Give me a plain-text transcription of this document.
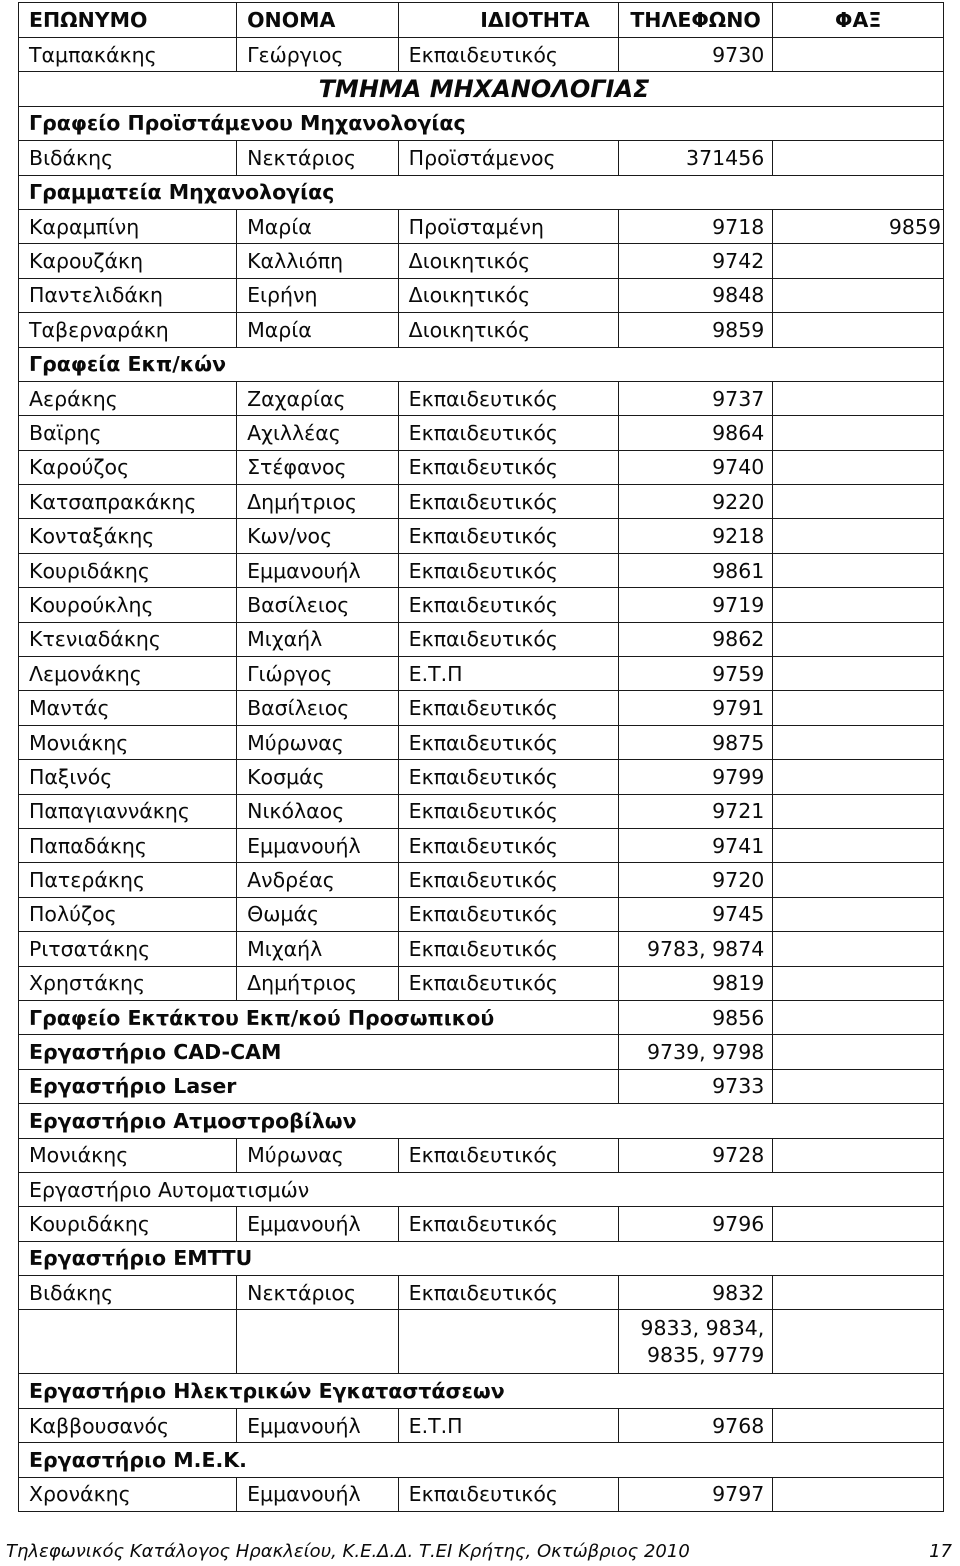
ΕΠΩΝΥΜΟ	ΟΝΟΜΑ	ΙΔΙΟΤΗΤΑ	ΤΗΛΕΦΩΝΟ	ΦΑΞ
Ταμπακάκης	Γεώργιος	Εκπαιδευτικός	9730	
ΤΜΗΜΑ ΜΗΧΑΝΟΛΟΓΙΑΣ				
Γραφείο Προϊστάμενου Μηχανολογίας				
Βιδάκης	Νεκτάριος	Προϊστάμενος	371456	
Γραμματεία Μηχανολογίας				
Καραμπίνη	Μαρία	Προϊσταμένη	9718	9859
Καρουζάκη	Καλλιόπη	Διοικητικός	9742	
Παντελιδάκη	Ειρήνη	Διοικητικός	9848	
Ταβερναράκη	Μαρία	Διοικητικός	9859	
Γραφεία Εκπ/κών				
Αεράκης	Ζαχαρίας	Εκπαιδευτικός	9737	
Βαϊρης	Αχιλλέας	Εκπαιδευτικός	9864	
Καρούζος	Στέφανος	Εκπαιδευτικός	9740	
Κατσαπρακάκης	Δημήτριος	Εκπαιδευτικός	9220	
Κονταξάκης	Κων/νος	Εκπαιδευτικός	9218	
Κουριδάκης	Εμμανουήλ	Εκπαιδευτικός	9861	
Κουρούκλης	Βασίλειος	Εκπαιδευτικός	9719	
Κτενιαδάκης	Μιχαήλ	Εκπαιδευτικός	9862	
Λεμονάκης	Γιώργος	Ε.Τ.Π	9759	
Μαντάς	Βασίλειος	Εκπαιδευτικός	9791	
Μονιάκης	Μύρωνας	Εκπαιδευτικός	9875	
Παξινός	Κοσμάς	Εκπαιδευτικός	9799	
Παπαγιαννάκης	Νικόλαος	Εκπαιδευτικός	9721	
Παπαδάκης	Εμμανουήλ	Εκπαιδευτικός	9741	
Πατεράκης	Ανδρέας	Εκπαιδευτικός	9720	
Πολύζος	Θωμάς	Εκπαιδευτικός	9745	
Ριτσατάκης	Μιχαήλ	Εκπαιδευτικός	9783, 9874	
Χρηστάκης	Δημήτριος	Εκπαιδευτικός	9819	
Γραφείο Εκτάκτου Εκπ/κού Προσωπικού			9856	
Εργαστήριο CAD-CAM			9739, 9798	
Εργαστήριο Laser			9733	
Εργαστήριο Ατμοστροβίλων				
Μονιάκης	Μύρωνας	Εκπαιδευτικός	9728	
Εργαστήριο Αυτοματισμών				
Κουριδάκης	Εμμανουήλ	Εκπαιδευτικός	9796	
Εργαστήριο ΕΜΤΤU				
Βιδάκης	Νεκτάριος	Εκπαιδευτικός	9832	

			9833, 9834,
9835, 9779	

Εργαστήριο Ηλεκτρικών Εγκαταστάσεων				
Καββουσανός	Εμμανουήλ	Ε.Τ.Π	9768	
Εργαστήριο Μ.Ε.Κ.				
Χρονάκης	Εμμανουήλ	Εκπαιδευτικός	9797	
Τηλεφωνικός Κατάλογος Ηρακλείου, Κ.Ε.Δ.Δ. Τ.ΕΙ Κρήτης, Οκτώβριος 2010	17
